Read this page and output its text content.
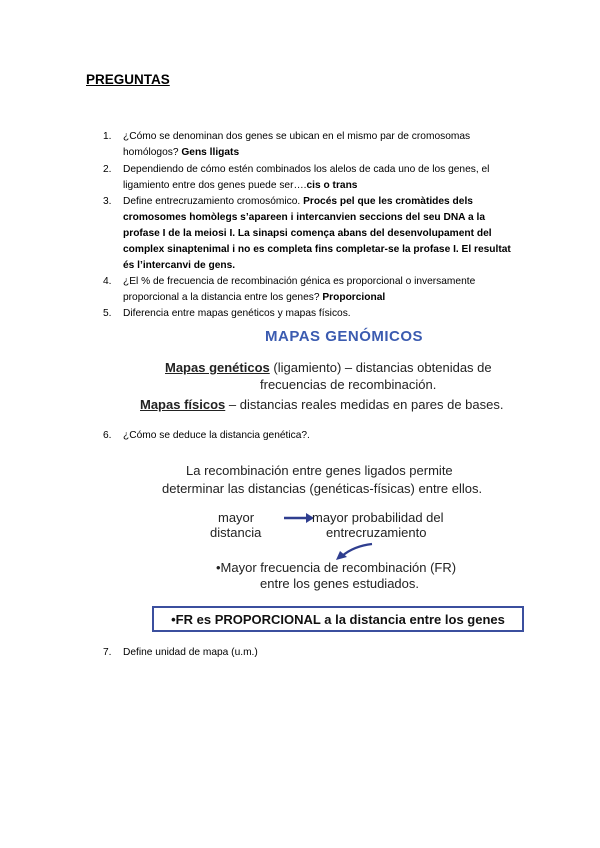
PREGUNTAS
1. ¿Cómo se denominan dos genes se ubican en el mismo par de cromosomas homólogos? Gens lligats
2. Dependiendo de cómo estén combinados los alelos de cada uno de los genes, el ligamiento entre dos genes puede ser….cis o trans
3. Define entrecruzamiento cromosómico. Procés pel que les cromàtides dels cromosomes homòlegs s’apareen i intercanvien seccions del seu DNA a la profase I de la meiosi I. La sinapsi comença abans del desenvolupament del complex sinaptenimal i no es completa fins completar-se la profase I. El resultat és l’intercanvi de gens.
4. ¿El % de frecuencia de recombinación génica es proporcional o inversamente proporcional a la distancia entre los genes? Proporcional
5. Diferencia entre mapas genéticos y mapas físicos.
MAPAS GENÓMICOS
Mapas genéticos (ligamiento) – distancias obtenidas de
frecuencias de recombinación.
Mapas físicos – distancias reales medidas en pares de bases.
6. ¿Cómo se deduce la distancia genética?.
La recombinación entre genes ligados permite
determinar las distancias (genéticas-físicas) entre ellos.
mayor
distancia
mayor probabilidad del
entrecruzamiento
•Mayor frecuencia de recombinación (FR)
entre los genes estudiados.
•FR es PROPORCIONAL a la distancia entre los genes
7. Define unidad de mapa (u.m.)
